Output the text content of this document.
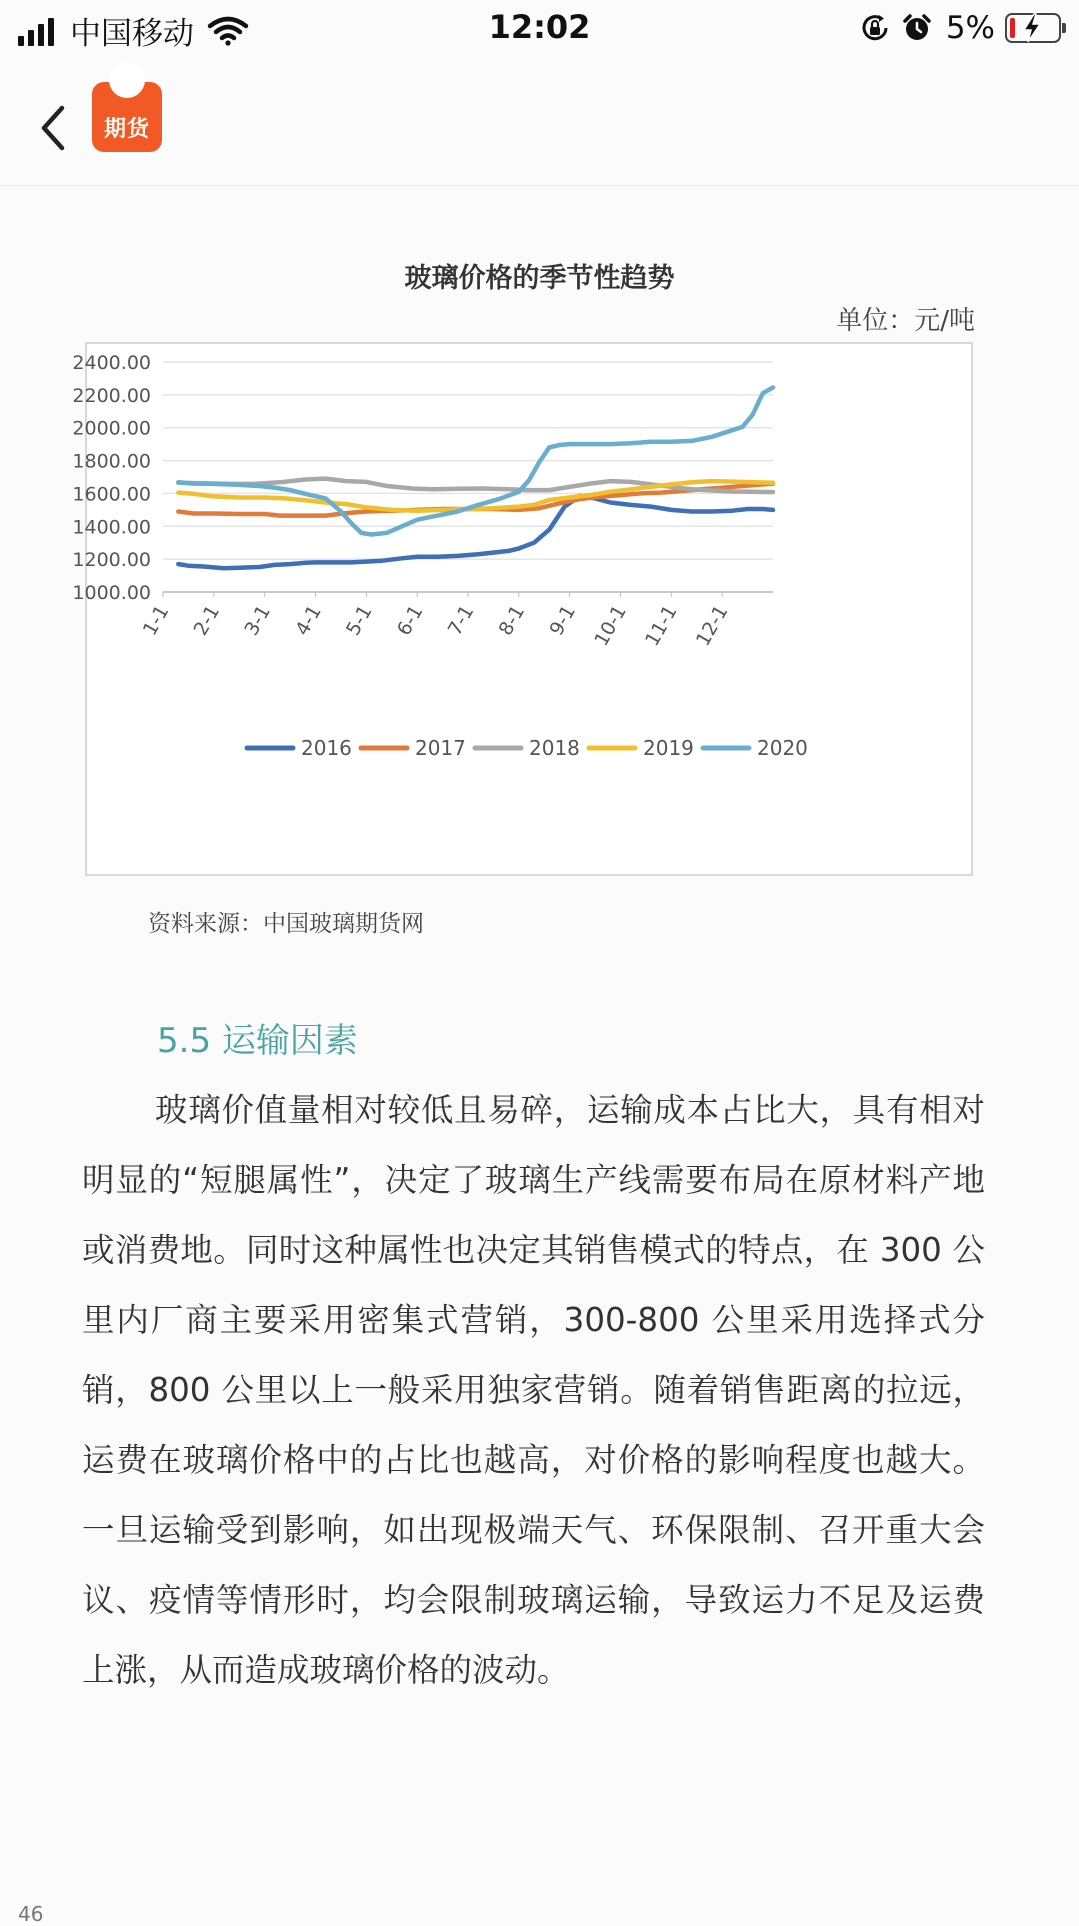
中国移动	12:02	5%
期货
玻璃价格的季节性趋势
单位：元/吨
2400.00
2200.00
2000.00
1800.00
1600.00
1400.00
1200.00
1000.00
1-1 2-1 3-1 4-1 5-1 6-1 7-1 8-1 9-1 10-1 11-1 12-1
2016	2017	2018	2019	2020
资料来源：中国玻璃期货网
5.5 运输因素

玻璃价值量相对较低且易碎，运输成本占比大，具有相对明显的“短腿属性”，决定了玻璃生产线需要布局在原材料产地或消费地。同时这种属性也决定其销售模式的特点，在 300 公里内厂商主要采用密集式营销，300-800 公里采用选择式分销，800 公里以上一般采用独家营销。随着销售距离的拉远，运费在玻璃价格中的占比也越高，对价格的影响程度也越大。一旦运输受到影响，如出现极端天气、环保限制、召开重大会议、疫情等情形时，均会限制玻璃运输，导致运力不足及运费上涨，从而造成玻璃价格的波动。

46
